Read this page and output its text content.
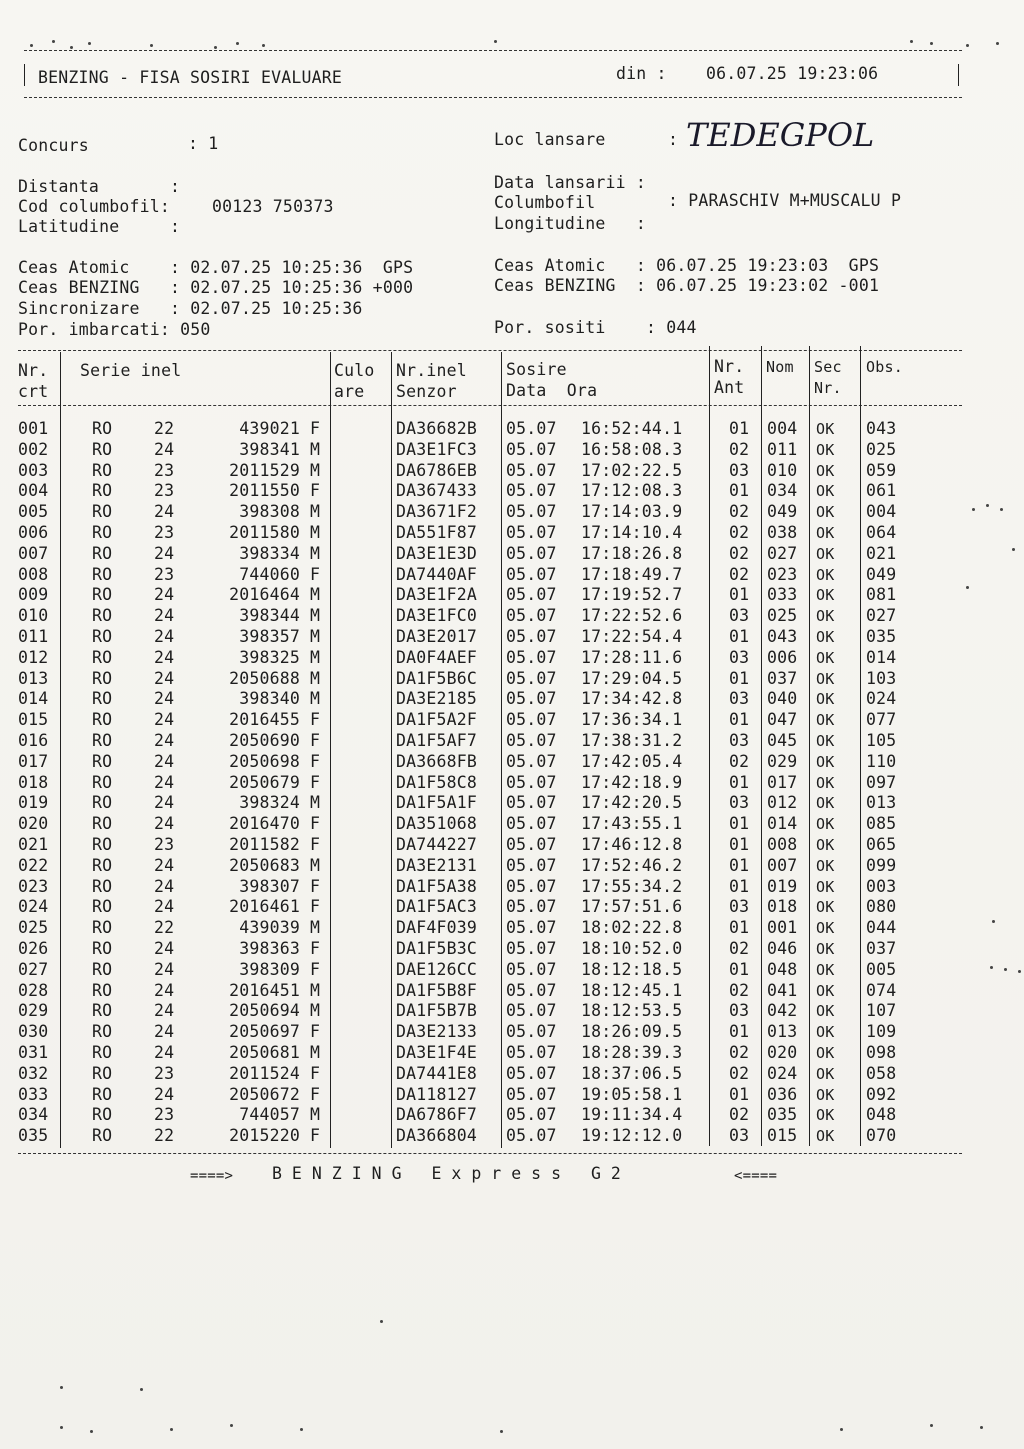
BENZING - FISA SOSIRI EVALUARE	din : 06.07.25 19:23:06
Concurs	: 1	Loc lansare	: TEDEGPOL
Distanta       :	Data lansarii :
Cod columbofil:	00123 750373	Columbofil	: PARASCHIV M+MUSCALU P
Latitudine     :	Longitudine   :
Ceas Atomic    : 02.07.25 10:25:36  GPS
Ceas BENZING   : 02.07.25 10:25:36 +000
Sincronizare   : 02.07.25 10:25:36
Por. imbarcati: 050
Ceas Atomic   : 06.07.25 19:23:03  GPS
Ceas BENZING  : 06.07.25 19:23:02 -001
Por. sositi    : 044
Nr.
crt
Serie inel	Culo
are
Nr.inel
Senzor
Sosire
Data  Ora
Nr.
Ant
Nom Sec
Nr.
Obs.
001	RO	22	439021 F	DA36682B 05.07 16:52:44.1	01 004 OK 043
002	RO	24	398341 M	DA3E1FC3 05.07 16:58:08.3	02 011 OK 025
003	RO	23	2011529 M	DA6786EB 05.07 17:02:22.5	03 010 OK 059
004	RO	23	2011550 F	DA367433 05.07 17:12:08.3	01 034 OK 061
005	RO	24	398308 M	DA3671F2 05.07 17:14:03.9	02 049 OK 004
006	RO	23	2011580 M	DA551F87 05.07 17:14:10.4	02 038 OK 064
007	RO	24	398334 M	DA3E1E3D 05.07 17:18:26.8	02 027 OK 021
008	RO	23	744060 F	DA7440AF 05.07 17:18:49.7	02 023 OK 049
009	RO	24	2016464 M	DA3E1F2A 05.07 17:19:52.7	01 033 OK 081
010	RO	24	398344 M	DA3E1FC0 05.07 17:22:52.6	03 025 OK 027
011	RO	24	398357 M	DA3E2017 05.07 17:22:54.4	01 043 OK 035
012	RO	24	398325 M	DA0F4AEF 05.07 17:28:11.6	03 006 OK 014
013	RO	24	2050688 M	DA1F5B6C 05.07 17:29:04.5	01 037 OK 103
014	RO	24	398340 M	DA3E2185 05.07 17:34:42.8	03 040 OK 024
015	RO	24	2016455 F	DA1F5A2F 05.07 17:36:34.1	01 047 OK 077
016	RO	24	2050690 F	DA1F5AF7 05.07 17:38:31.2	03 045 OK 105
017	RO	24	2050698 F	DA3668FB 05.07 17:42:05.4	02 029 OK 110
018	RO	24	2050679 F	DA1F58C8 05.07 17:42:18.9	01 017 OK 097
019	RO	24	398324 M	DA1F5A1F 05.07 17:42:20.5	03 012 OK 013
020	RO	24	2016470 F	DA351068 05.07 17:43:55.1	01 014 OK 085
021	RO	23	2011582 F	DA744227 05.07 17:46:12.8	01 008 OK 065
022	RO	24	2050683 M	DA3E2131 05.07 17:52:46.2	01 007 OK 099
023	RO	24	398307 F	DA1F5A38 05.07 17:55:34.2	01 019 OK 003
024	RO	24	2016461 F	DA1F5AC3 05.07 17:57:51.6	03 018 OK 080
025	RO	22	439039 M	DAF4F039 05.07 18:02:22.8	01 001 OK 044
026	RO	24	398363 F	DA1F5B3C 05.07 18:10:52.0	02 046 OK 037
027	RO	24	398309 F	DAE126CC 05.07 18:12:18.5	01 048 OK 005
028	RO	24	2016451 M	DA1F5B8F 05.07 18:12:45.1	02 041 OK 074
029	RO	24	2050694 M	DA1F5B7B 05.07 18:12:53.5	03 042 OK 107
030	RO	24	2050697 F	DA3E2133 05.07 18:26:09.5	01 013 OK 109
031	RO	24	2050681 M	DA3E1F4E 05.07 18:28:39.3	02 020 OK 098
032	RO	23	2011524 F	DA7441E8 05.07 18:37:06.5	02 024 OK 058
033	RO	24	2050672 F	DA118127 05.07 19:05:58.1	01 036 OK 092
034	RO	23	744057 M	DA6786F7 05.07 19:11:34.4	02 035 OK 048
035	RO	22	2015220 F	DA366804 05.07 19:12:12.0	03 015 OK 070
====> BENZING Express G2	<====
